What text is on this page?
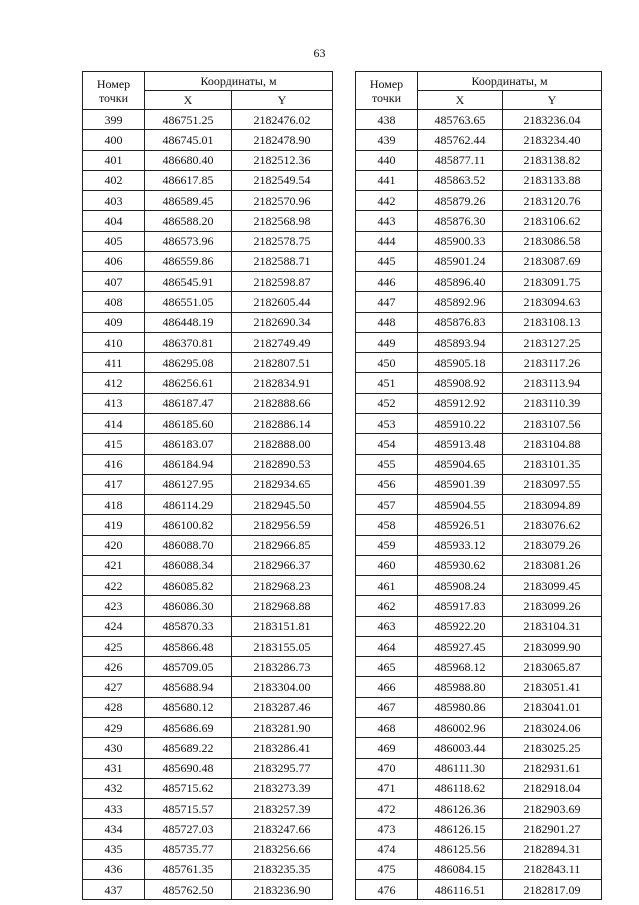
63
Номер
точки	Координаты, м	
	X	Y
399	486751.25	2182476.02
400	486745.01	2182478.90
401	486680.40	2182512.36
402	486617.85	2182549.54
403	486589.45	2182570.96
404	486588.20	2182568.98
405	486573.96	2182578.75
406	486559.86	2182588.71
407	486545.91	2182598.87
408	486551.05	2182605.44
409	486448.19	2182690.34
410	486370.81	2182749.49
411	486295.08	2182807.51
412	486256.61	2182834.91
413	486187.47	2182888.66
414	486185.60	2182886.14
415	486183.07	2182888.00
416	486184.94	2182890.53
417	486127.95	2182934.65
418	486114.29	2182945.50
419	486100.82	2182956.59
420	486088.70	2182966.85
421	486088.34	2182966.37
422	486085.82	2182968.23
423	486086.30	2182968.88
424	485870.33	2183151.81
425	485866.48	2183155.05
426	485709.05	2183286.73
427	485688.94	2183304.00
428	485680.12	2183287.46
429	485686.69	2183281.90
430	485689.22	2183286.41
431	485690.48	2183295.77
432	485715.62	2183273.39
433	485715.57	2183257.39
434	485727.03	2183247.66
435	485735.77	2183256.66
436	485761.35	2183235.35
437	485762.50	2183236.90
Номер
точки	Координаты, м	
	X	Y
438	485763.65	2183236.04
439	485762.44	2183234.40
440	485877.11	2183138.82
441	485863.52	2183133.88
442	485879.26	2183120.76
443	485876.30	2183106.62
444	485900.33	2183086.58
445	485901.24	2183087.69
446	485896.40	2183091.75
447	485892.96	2183094.63
448	485876.83	2183108.13
449	485893.94	2183127.25
450	485905.18	2183117.26
451	485908.92	2183113.94
452	485912.92	2183110.39
453	485910.22	2183107.56
454	485913.48	2183104.88
455	485904.65	2183101.35
456	485901.39	2183097.55
457	485904.55	2183094.89
458	485926.51	2183076.62
459	485933.12	2183079.26
460	485930.62	2183081.26
461	485908.24	2183099.45
462	485917.83	2183099.26
463	485922.20	2183104.31
464	485927.45	2183099.90
465	485968.12	2183065.87
466	485988.80	2183051.41
467	485980.86	2183041.01
468	486002.96	2183024.06
469	486003.44	2183025.25
470	486111.30	2182931.61
471	486118.62	2182918.04
472	486126.36	2182903.69
473	486126.15	2182901.27
474	486125.56	2182894.31
475	486084.15	2182843.11
476	486116.51	2182817.09
